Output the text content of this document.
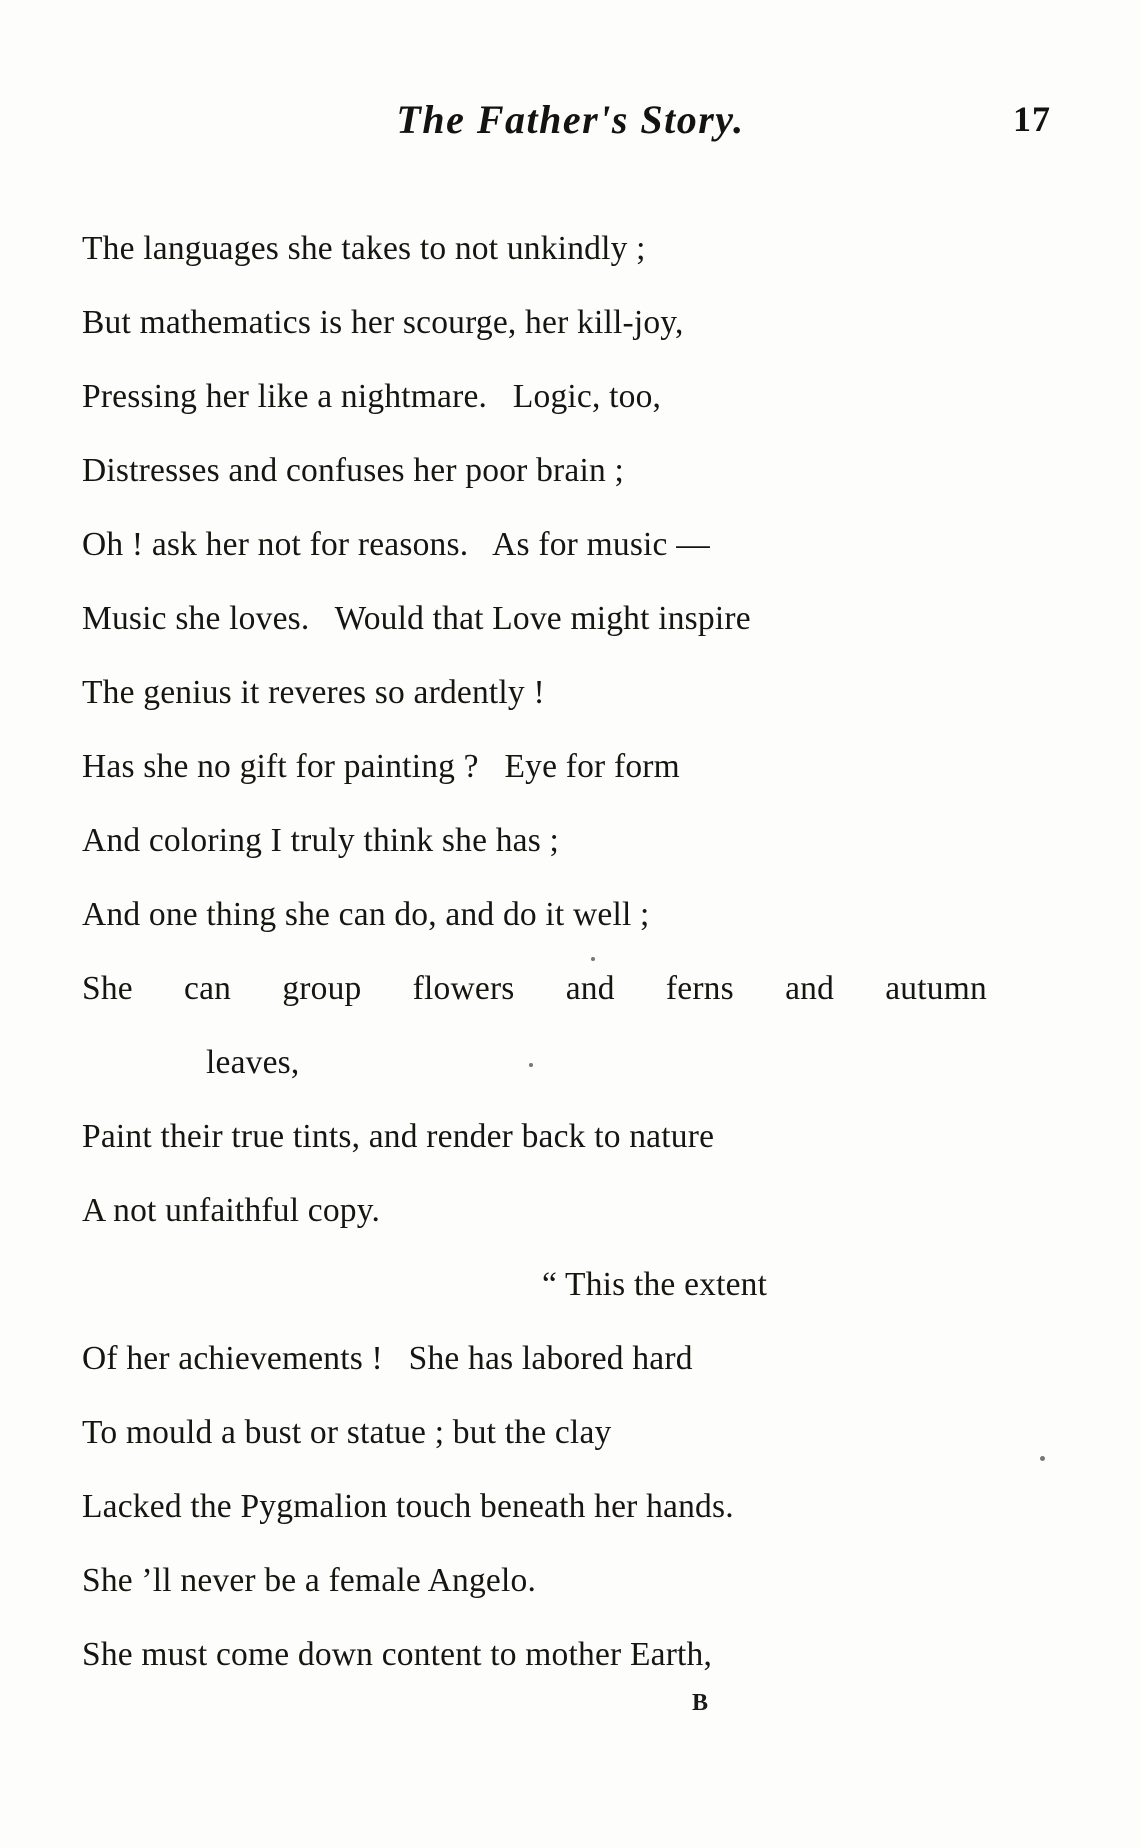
The Father's Story.	17
The languages she takes to not unkindly ;
But mathematics is her scourge, her kill-joy,
Pressing her like a nightmare.   Logic, too,
Distresses and confuses her poor brain ;
Oh ! ask her not for reasons.   As for music —
Music she loves.   Would that Love might inspire
The genius it reveres so ardently !
Has she no gift for painting ?   Eye for form
And coloring I truly think she has ;
And one thing she can do, and do it well ;
She can group flowers and ferns and autumn
leaves,
Paint their true tints, and render back to nature
A not unfaithful copy.
“ This the extent
Of her achievements !   She has labored hard
To mould a bust or statue ; but the clay
Lacked the Pygmalion touch beneath her hands.
She ’ll never be a female Angelo.
She must come down content to mother Earth,
B
